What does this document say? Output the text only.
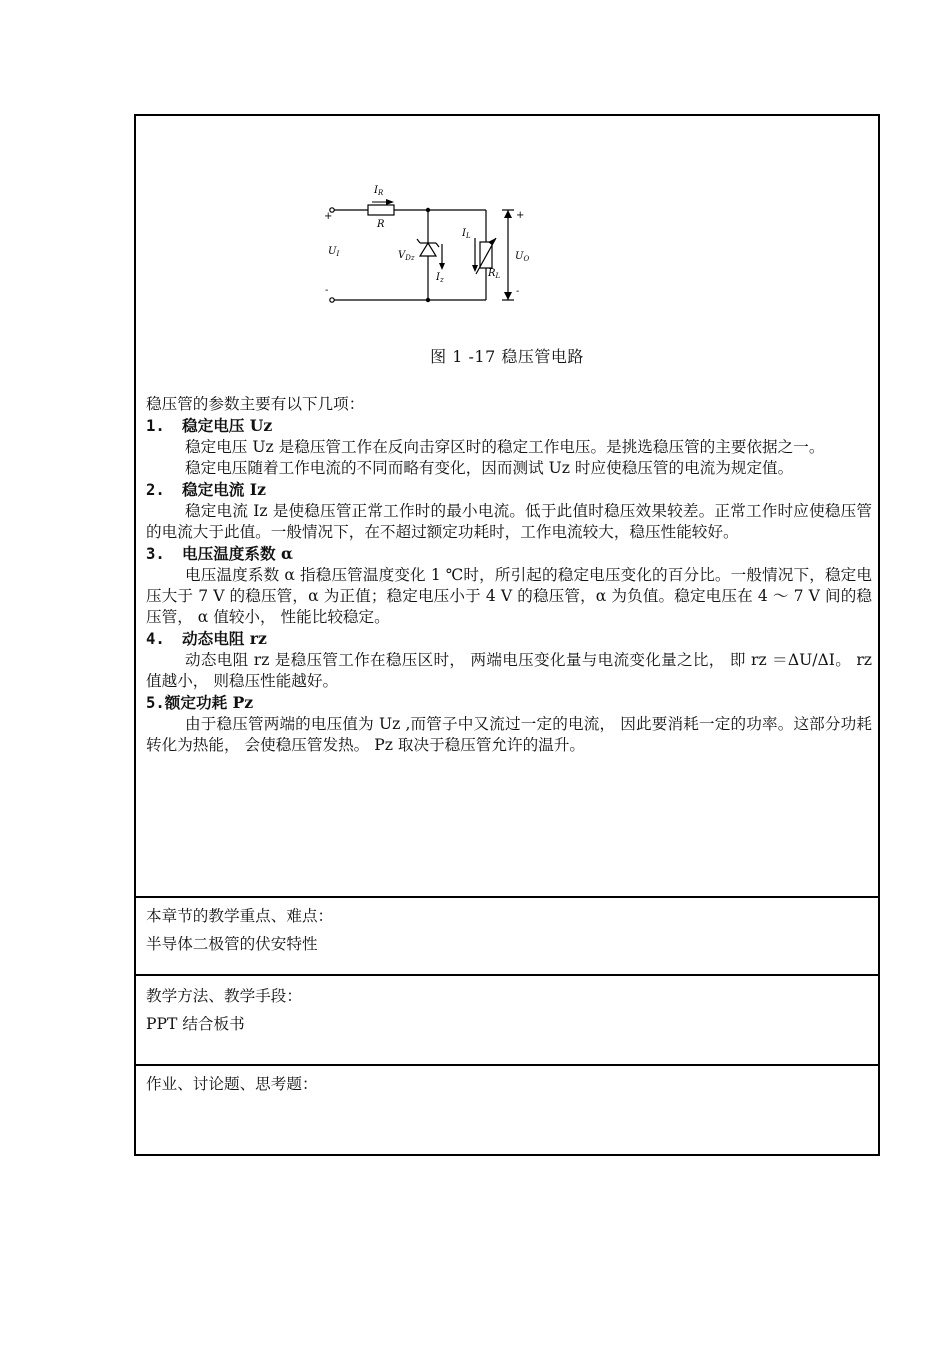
$I_R$
R
$U_I$	$V_{Dz}$
$I_z$
$I_L$
$R_L$
$U_O$
+
-
+
-
图 1 -17 稳压管电路

稳压管的参数主要有以下几项：

1. 稳定电压 Uz

稳定电压 Uz 是稳压管工作在反向击穿区时的稳定工作电压。是挑选稳压管的主要依据之一。

稳定电压随着工作电流的不同而略有变化，因而测试 Uz 时应使稳压管的电流为规定值。

2. 稳定电流 Iz

稳定电流 Iz 是使稳压管正常工作时的最小电流。低于此值时稳压效果较差。正常工作时应使稳压管的电流大于此值。一般情况下，在不超过额定功耗时，工作电流较大，稳压性能较好。

3. 电压温度系数 α

电压温度系数 α 指稳压管温度变化 1 ℃时，所引起的稳定电压变化的百分比。一般情况下，稳定电压大于 7 V 的稳压管，α 为正值；稳定电压小于 4 V 的稳压管，α 为负值。稳定电压在 4 ～ 7 V 间的稳压管， α 值较小， 性能比较稳定。

4. 动态电阻 rz

动态电阻 rz 是稳压管工作在稳压区时， 两端电压变化量与电流变化量之比， 即 rz ＝ΔU/ΔI。 rz 值越小， 则稳压性能越好。

5.额定功耗 Pz

由于稳压管两端的电压值为 Uz ,而管子中又流过一定的电流， 因此要消耗一定的功率。这部分功耗转化为热能， 会使稳压管发热。 Pz 取决于稳压管允许的温升。

本章节的教学重点、难点：
半导体二极管的伏安特性
教学方法、教学手段：
PPT 结合板书
作业、讨论题、思考题：
